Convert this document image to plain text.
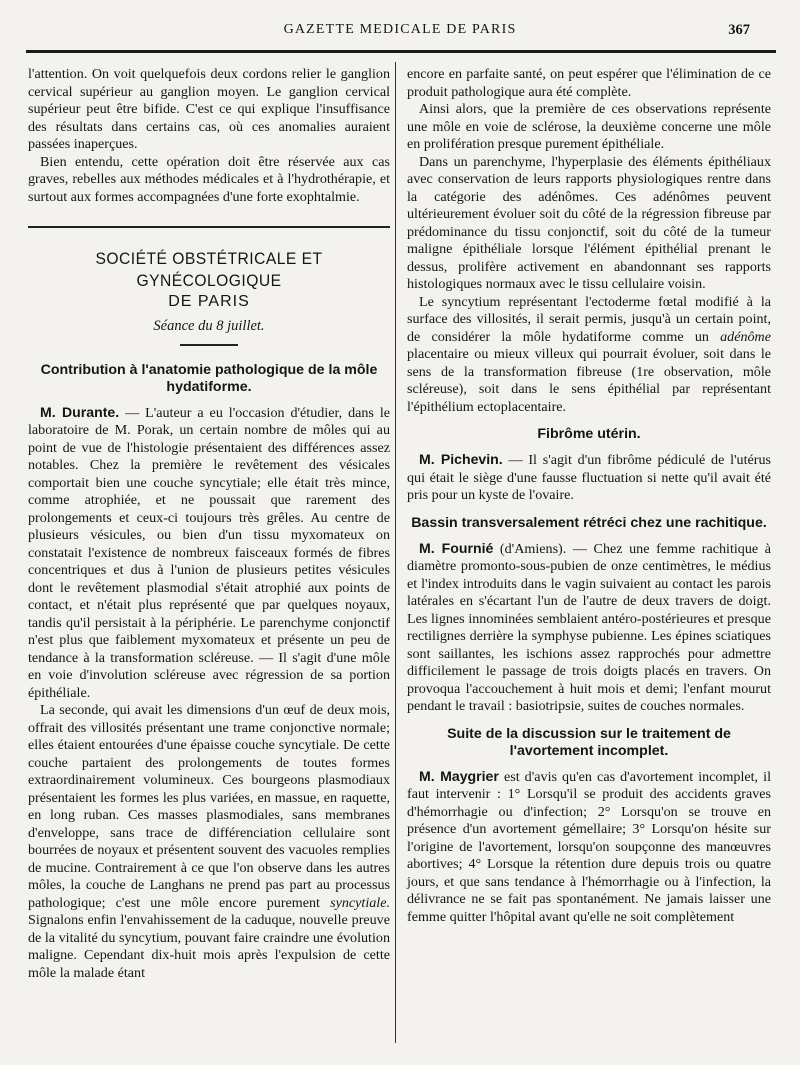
GAZETTE MEDICALE DE PARIS	367

l'attention. On voit quelquefois deux cordons relier le ganglion cervical supérieur au ganglion moyen. Le ganglion cervical supérieur peut être bifide. C'est ce qui explique l'insuffisance des résultats dans certains cas, où ces anomalies auraient passées inaperçues.

Bien entendu, cette opération doit être réservée aux cas graves, rebelles aux méthodes médicales et à l'hydrothérapie, et surtout aux formes accompagnées d'une forte exophtalmie.

SOCIÉTÉ OBSTÉTRICALE ET GYNÉCOLOGIQUE
DE PARIS
Séance du 8 juillet.
Contribution à l'anatomie pathologique de la môle hydatiforme.

M. Durante. — L'auteur a eu l'occasion d'étudier, dans le laboratoire de M. Porak, un certain nombre de môles qui au point de vue de l'histologie présentaient des différences assez notables. Chez la première le revêtement des vésicales comportait bien une couche syncytiale; elle était très mince, comme atrophiée, et ne poussait que rarement des prolongements et ceux-ci toujours très grêles. Au centre de plusieurs vésicules, ou bien d'un tissu myxomateux on constatait l'existence de nombreux faisceaux formés de fibres concentriques et dus à l'union de plusieurs petites vésicules dont le revêtement plasmodial s'était atrophié aux points de contact, et n'était plus représenté que par quelques noyaux, tandis qu'il persistait à la périphérie. Le parenchyme conjonctif n'est plus que faiblement myxomateux et présente un peu de tendance à la transformation scléreuse. — Il s'agit d'une môle en voie d'involution scléreuse avec régression de sa portion épithéliale.

La seconde, qui avait les dimensions d'un œuf de deux mois, offrait des villosités présentant une trame conjonctive normale; elles étaient entourées d'une épaisse couche syncytiale. De cette couche partaient des prolongements de toutes formes extraordinairement volumineux. Ces bourgeons plasmodiaux présentaient les formes les plus variées, en massue, en raquette, en long ruban. Ces masses plasmodiales, sans membranes d'enveloppe, sans trace de différenciation cellulaire sont bourrées de noyaux et présentent souvent des vacuoles remplies de mucine. Contrairement à ce que l'on observe dans les autres môles, la couche de Langhans ne prend pas part au processus pathologique; c'est une môle encore purement syncytiale. Signalons enfin l'envahissement de la caduque, nouvelle preuve de la vitalité du syncytium, pouvant faire craindre une évolution maligne. Cependant dix-huit mois après l'expulsion de cette môle la malade étant

encore en parfaite santé, on peut espérer que l'élimination de ce produit pathologique aura été complète.

Ainsi alors, que la première de ces observations représente une môle en voie de sclérose, la deuxième concerne une môle en prolifération presque purement épithéliale.

Dans un parenchyme, l'hyperplasie des éléments épithéliaux avec conservation de leurs rapports physiologiques rentre dans la catégorie des adénômes. Ces adénômes peuvent ultérieurement évoluer soit du côté de la régression fibreuse par prédominance du tissu conjonctif, soit du côté de la tumeur maligne épithéliale lorsque l'élément épithélial prenant le dessus, prolifère activement en abandonnant ses rapports histologiques normaux avec le tissu cellulaire voisin.

Le syncytium représentant l'ectoderme fœtal modifié à la surface des villosités, il serait permis, jusqu'à un certain point, de considérer la môle hydatiforme comme un adénôme placentaire ou mieux villeux qui pourrait évoluer, soit dans le sens de la transformation fibreuse (1re observation, môle scléreuse), soit dans le sens épithélial par représentant l'épithélium ectoplacentaire.

Fibrôme utérin.

M. Pichevin. — Il s'agit d'un fibrôme pédiculé de l'utérus qui était le siège d'une fausse fluctuation si nette qu'il avait été pris pour un kyste de l'ovaire.

Bassin transversalement rétréci chez une rachitique.

M. Fournié (d'Amiens). — Chez une femme rachitique à diamètre promonto-sous-pubien de onze centimètres, le médius et l'index introduits dans le vagin suivaient au contact les parois latérales en s'écartant l'un de l'autre de deux travers de doigt. Les lignes innominées semblaient antéro-postérieures et presque rectilignes derrière la symphyse pubienne. Les épines sciatiques sont saillantes, les ischions assez rapprochés pour admettre difficilement le passage de trois doigts placés en travers. On provoqua l'accouchement à huit mois et demi; l'enfant mourut pendant le travail : basiotripsie, suites de couches normales.

Suite de la discussion sur le traitement de l'avortement incomplet.

M. Maygrier est d'avis qu'en cas d'avortement incomplet, il faut intervenir : 1° Lorsqu'il se produit des accidents graves d'hémorrhagie ou d'infection; 2° Lorsqu'on se trouve en présence d'un avortement gémellaire; 3° Lorsqu'on hésite sur l'origine de l'avortement, lorsqu'on soupçonne des manœuvres abortives; 4° Lorsque la rétention dure depuis trois ou quatre jours, et que sans tendance à l'hémorrhagie ou à l'infection, la délivrance ne se fait pas spontanément. Ne jamais laisser une femme quitter l'hôpital avant qu'elle ne soit complètement
